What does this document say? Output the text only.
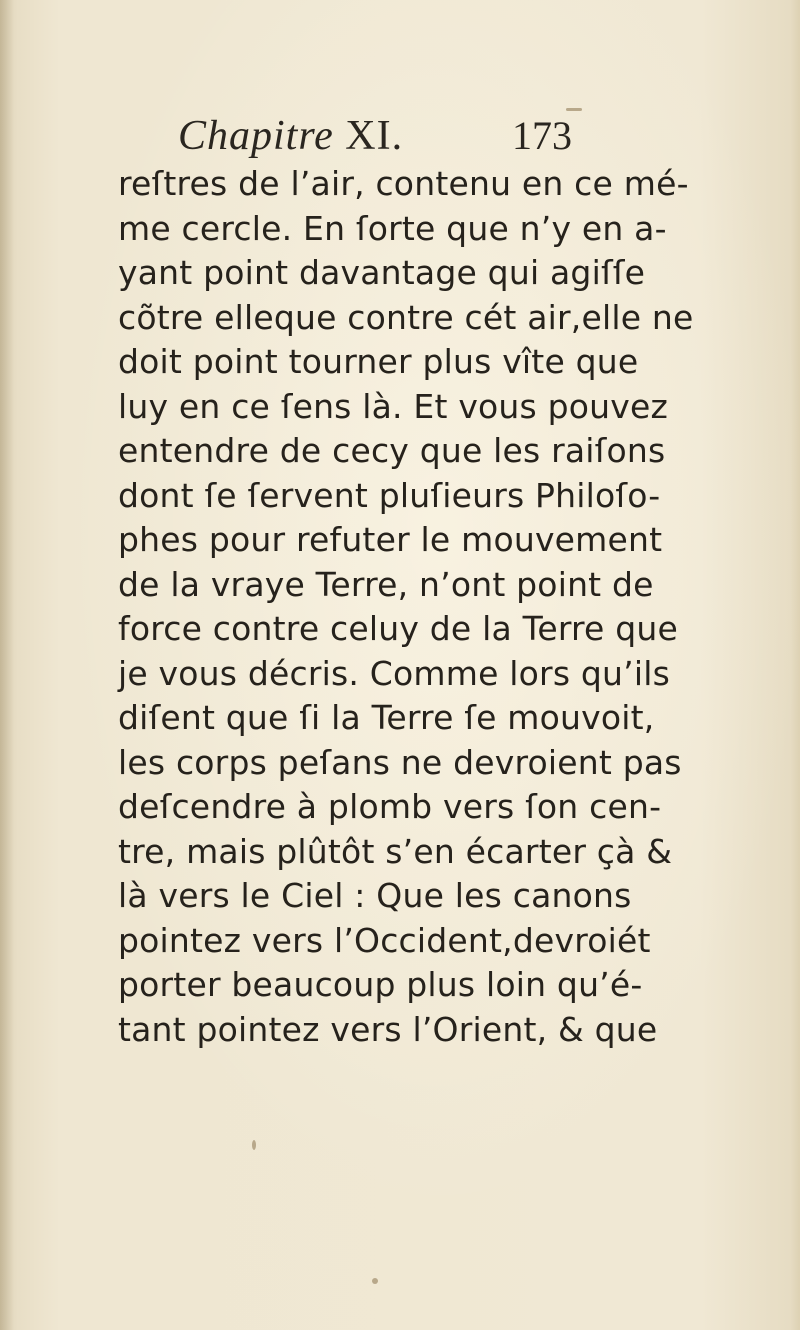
Chapitre XI.	173
reſtres de l’air, contenu en ce mé-
me cercle. En ſorte que n’y en a-
yant point davantage qui agiſſe
cõtre elleque contre cét air,elle ne
doit point tourner plus vîte que
luy en ce ſens là. Et vous pouvez
entendre de cecy que les raiſons
dont ſe ſervent pluſieurs Philoſo-
phes pour refuter le mouvement
de la vraye Terre, n’ont point de
force contre celuy de la Terre que
je vous décris. Comme lors qu’ils
diſent que ſi la Terre ſe mouvoit,
les corps peſans ne devroient pas
deſcendre à plomb vers ſon cen-
tre, mais plûtôt s’en écarter çà &
là vers le Ciel : Que les canons
pointez vers l’Occident,devroiét
porter beaucoup plus loin qu’é-
tant pointez vers l’Orient, & que
